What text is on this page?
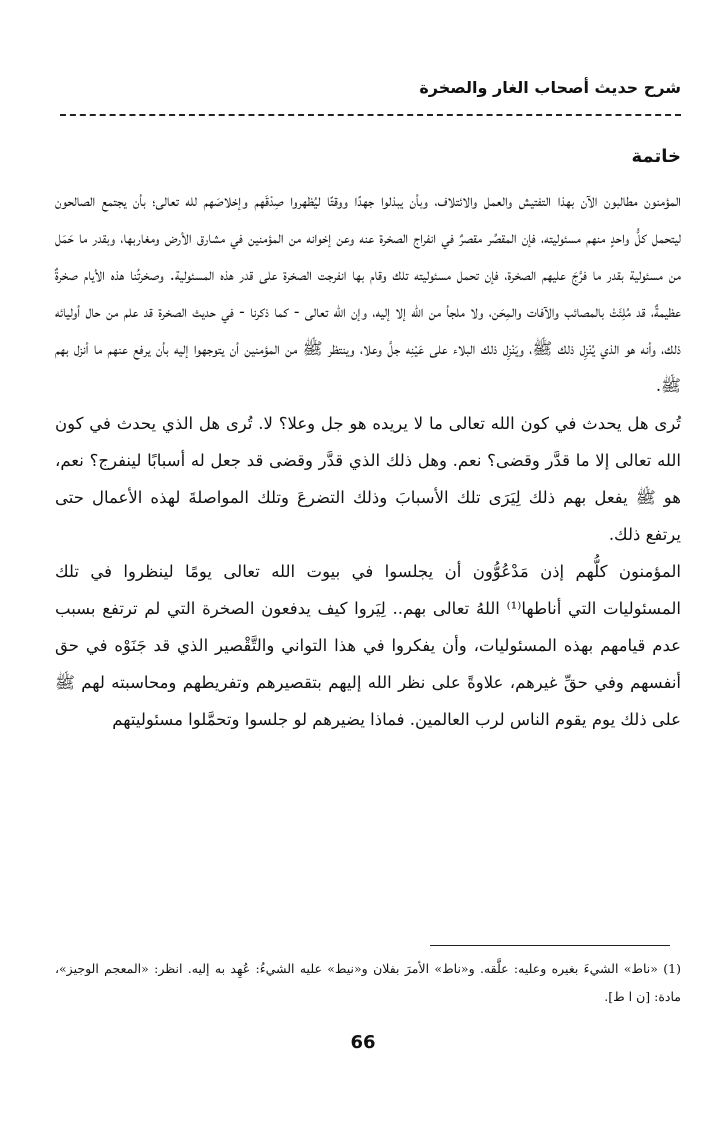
شرح حديث أصحاب الغار والصخرة
خاتمة

المؤمنون مطالبون الآن بهذا التفتيش والعمل والائتلاف، وبأن يبذلوا جهدًا ووقتًا ليُظهروا صِدْقَهم وإخلاصَهم لله تعالى؛ بأن يجتمع الصالحون ليتحمل كلُّ واحدٍ منهم مسئوليته، فإن المقصِّر مقصرٌ في انفراج الصخرة عنه وعن إخوانه من المؤمنين في مشارق الأرض ومغاربها، وبقدر ما حَمَل من مسئولية بقدر ما فرَّجَ عليهم الصخرة، فإن تحمل مسئوليته تلك وقام بها انفرجت الصخرة على قدر هذه المسئولية. وصخرتُنا هذه الأيام صخرةٌ عظيمةٌ، قد مُلِئَتْ بالمصائب والآفات والمِحَن، ولا ملجأ من الله إلا إليه، وإن الله تعالى - كما ذكرنا - في حديث الصخرة قد علم من حال أوليائه ذلك، وأنه هو الذي يُنْزِل ذلك ﷺ، ويَنْزِل ذلك البلاء على عَيْنِه جلَّ وعلا، وينتظر ﷺ من المؤمنين أن يتوجهوا إليه بأن يرفع عنهم ما أنزل بهم ﷺ.

تُرى هل يحدث في كون الله تعالى ما لا يريده هو جل وعلا؟ لا. تُرى هل الذي يحدث في كون الله تعالى إلا ما قدَّر وقضى؟ نعم. وهل ذلك الذي قدَّر وقضى قد جعل له أسبابًا لينفرج؟ نعم، هو ﷺ يفعل بهم ذلك لِيَرَى تلك الأسبابَ وذلك التضرعَ وتلك المواصلةَ لهذه الأعمال حتى يرتفع ذلك.

المؤمنون كلُّهم إذن مَدْعُوُّون أن يجلسوا في بيوت الله تعالى يومًا لينظروا في تلك المسئوليات التي أناطها⁽¹⁾ اللهُ تعالى بهم.. لِيَروا كيف يدفعون الصخرة التي لم ترتفع بسبب عدم قيامهم بهذه المسئوليات، وأن يفكروا في هذا التواني والتَّقْصير الذي قد جَنَوْه في حق أنفسهم وفي حقِّ غيرهم، علاوةً على نظر الله إليهم بتقصيرهم وتفريطهم ومحاسبته لهم ﷺ على ذلك يوم يقوم الناس لرب العالمين. فماذا يضيرهم لو جلسوا وتحمَّلوا مسئوليتهم

(1) «ناط» الشيءَ بغيره وعليه: علَّقه. و«ناط» الأمرَ بفلان و«نيط» عليه الشيءُ: عُهِد به إليه. انظر: «المعجم الوجيز»، مادة: [ن ا ط].
66
